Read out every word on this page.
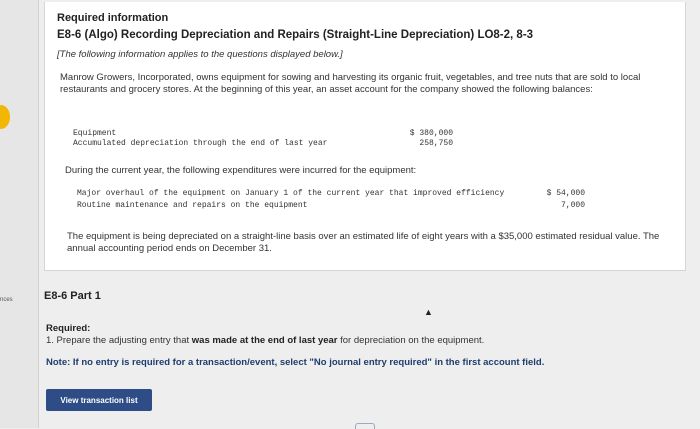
nces
Required information
E8-6 (Algo) Recording Depreciation and Repairs (Straight-Line Depreciation) LO8-2, 8-3
[The following information applies to the questions displayed below.]
Manrow Growers, Incorporated, owns equipment for sowing and harvesting its organic fruit, vegetables, and tree nuts that are sold to local restaurants and grocery stores. At the beginning of this year, an asset account for the company showed the following balances:
Equipment	$ 380,000
Accumulated depreciation through the end of last year	258,750
During the current year, the following expenditures were incurred for the equipment:
Major overhaul of the equipment on January 1 of the current year that improved efficiency	$ 54,000
Routine maintenance and repairs on the equipment	7,000
The equipment is being depreciated on a straight-line basis over an estimated life of eight years with a $35,000 estimated residual value. The annual accounting period ends on December 31.
E8-6 Part 1
▲
Required:
1. Prepare the adjusting entry that was made at the end of last year for depreciation on the equipment.
Note: If no entry is required for a transaction/event, select "No journal entry required" in the first account field.
View transaction list
